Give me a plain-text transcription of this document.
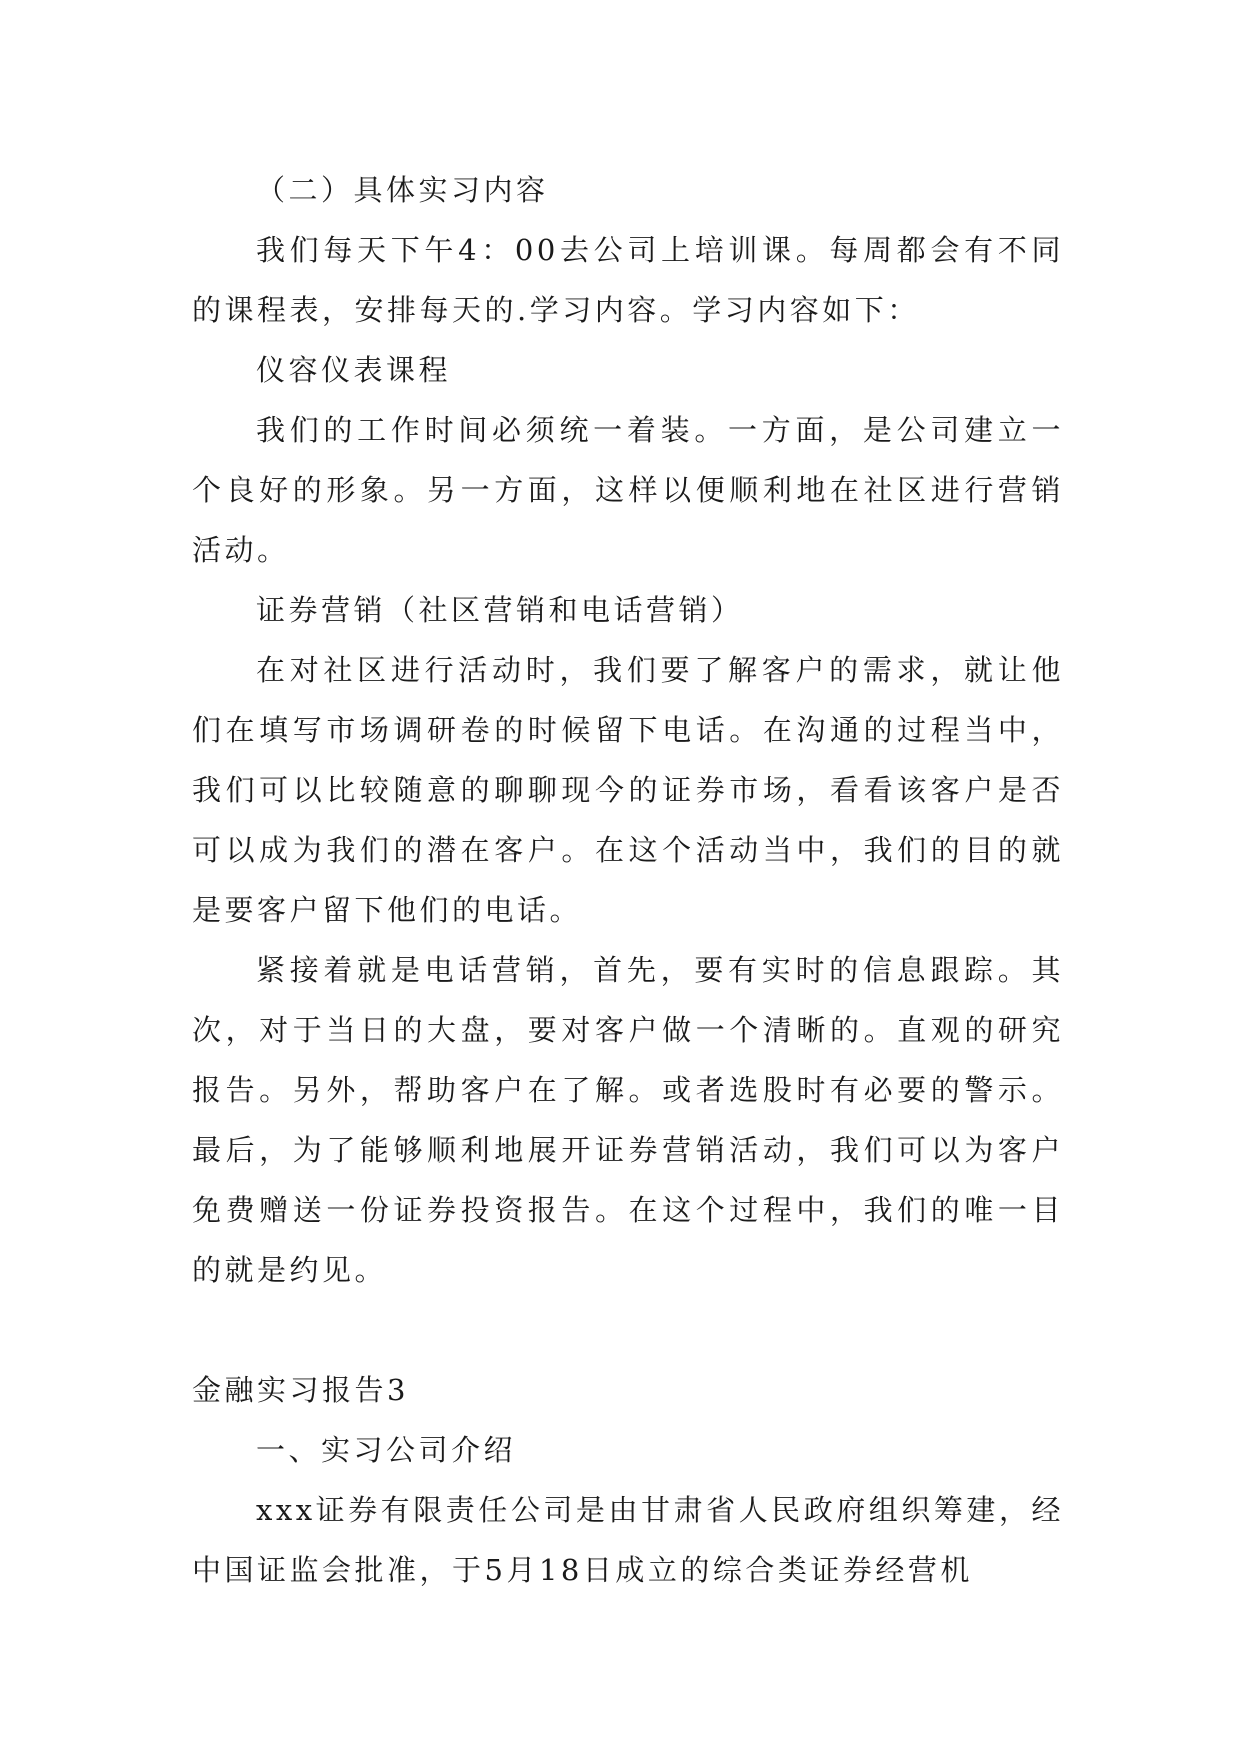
（二）具体实习内容

我们每天下午4：00去公司上培训课。每周都会有不同的课程表，安排每天的.学习内容。学习内容如下：

仪容仪表课程

我们的工作时间必须统一着装。一方面，是公司建立一个良好的形象。另一方面，这样以便顺利地在社区进行营销活动。

证券营销（社区营销和电话营销）

在对社区进行活动时，我们要了解客户的需求，就让他们在填写市场调研卷的时候留下电话。在沟通的过程当中，我们可以比较随意的聊聊现今的证券市场，看看该客户是否可以成为我们的潜在客户。在这个活动当中，我们的目的就是要客户留下他们的电话。

紧接着就是电话营销，首先，要有实时的信息跟踪。其次，对于当日的大盘，要对客户做一个清晰的。直观的研究报告。另外，帮助客户在了解。或者选股时有必要的警示。最后，为了能够顺利地展开证券营销活动，我们可以为客户免费赠送一份证券投资报告。在这个过程中，我们的唯一目的就是约见。

金融实习报告3

一、实习公司介绍

xxx证券有限责任公司是由甘肃省人民政府组织筹建，经中国证监会批准，于5月18日成立的综合类证券经营机
